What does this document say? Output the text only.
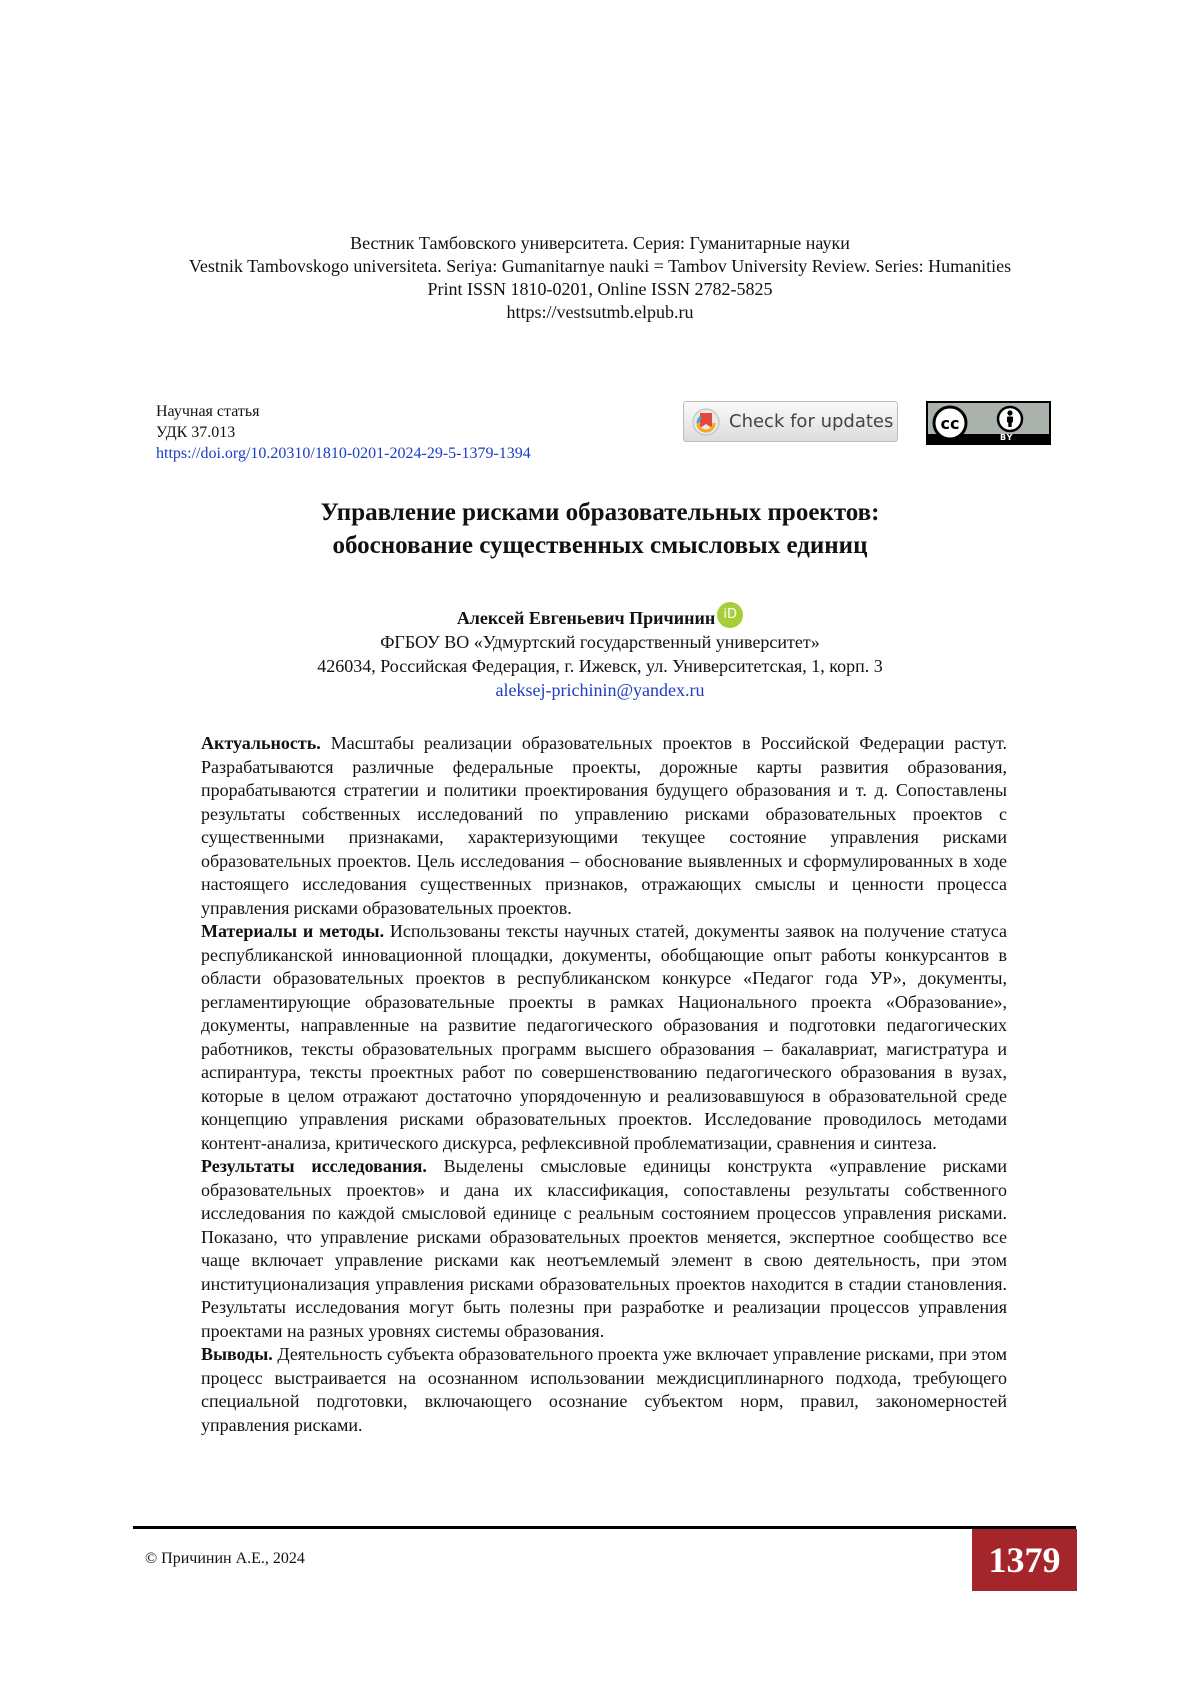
Вестник Тамбовского университета. Серия: Гуманитарные науки
Vestnik Tambovskogo universiteta. Seriya: Gumanitarnye nauki = Tambov University Review. Series: Humanities
Print ISSN 1810-0201, Online ISSN 2782-5825
https://vestsutmb.elpub.ru
Научная статья
УДК 37.013
https://doi.org/10.20310/1810-0201-2024-29-5-1379-1394
Check for updates	cc
BY
Управление рисками образовательных проектов:
обоснование существенных смысловых единиц
Алексей Евгеньевич Причинин iD
ФГБОУ ВО «Удмуртский государственный университет»
426034, Российская Федерация, г. Ижевск, ул. Университетская, 1, корп. 3
aleksej-prichinin@yandex.ru

Актуальность. Масштабы реализации образовательных проектов в Российской Федерации растут. Разрабатываются различные федеральные проекты, дорожные карты развития образования, прорабатываются стратегии и политики проектирования будущего образования и т. д. Сопоставлены результаты собственных исследований по управлению рисками образовательных проектов с существенными признаками, характеризующими текущее состояние управления рисками образовательных проектов. Цель исследования – обоснование выявленных и сформулированных в ходе настоящего исследования существенных признаков, отражающих смыслы и ценности процесса управления рисками образовательных проектов.

Материалы и методы. Использованы тексты научных статей, документы заявок на получение статуса республиканской инновационной площадки, документы, обобщающие опыт работы конкурсантов в области образовательных проектов в республиканском конкурсе «Педагог года УР», документы, регламентирующие образовательные проекты в рамках Национального проекта «Образование», документы, направленные на развитие педагогического образования и подготовки педагогических работников, тексты образовательных программ высшего образования – бакалавриат, магистратура и аспирантура, тексты проектных работ по совершенствованию педагогического образования в вузах, которые в целом отражают достаточно упорядоченную и реализовавшуюся в образовательной среде концепцию управления рисками образовательных проектов. Исследование проводилось методами контент-анализа, критического дискурса, рефлексивной проблематизации, сравнения и синтеза.

Результаты исследования. Выделены смысловые единицы конструкта «управление рисками образовательных проектов» и дана их классификация, сопоставлены результаты собственного исследования по каждой смысловой единице с реальным состоянием процессов управления рисками. Показано, что управление рисками образовательных проектов меняется, экспертное сообщество все чаще включает управление рисками как неотъемлемый элемент в свою деятельность, при этом институционализация управления рисками образовательных проектов находится в стадии становления. Результаты исследования могут быть полезны при разработке и реализации процессов управления проектами на разных уровнях системы образования.

Выводы. Деятельность субъекта образовательного проекта уже включает управление рисками, при этом процесс выстраивается на осознанном использовании междисциплинарного подхода, требующего специальной подготовки, включающего осознание субъектом норм, правил, закономерностей управления рисками.

© Причинин А.Е., 2024	1379
